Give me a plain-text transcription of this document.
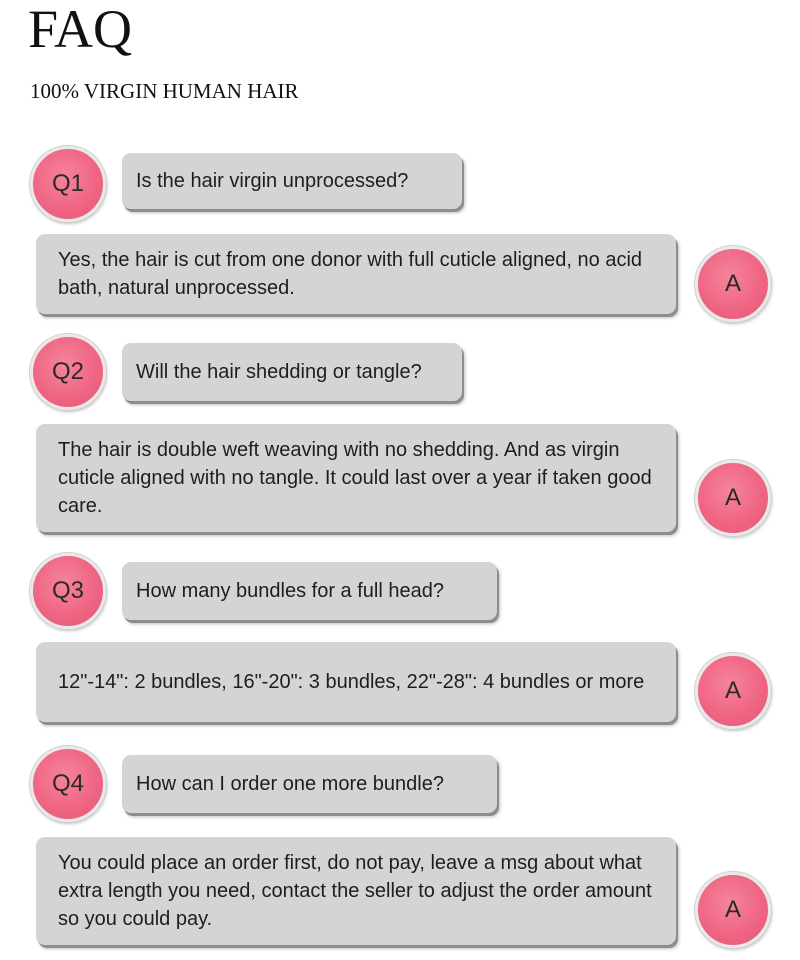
FAQ
100% VIRGIN HUMAN HAIR
Q1	Is the hair virgin unprocessed?
Yes, the hair is cut from one donor with full cuticle aligned, no acid bath, natural unprocessed.	A
Q2	Will the hair shedding or tangle?
The hair is double weft weaving with no shedding. And as virgin cuticle aligned with no tangle. It could last over a year if taken good care.	A
Q3	How many bundles for a full head?
12"-14": 2 bundles, 16"-20": 3 bundles, 22"-28": 4 bundles or more	A
Q4	How can I order one more bundle?
You could place an order first, do not pay, leave a msg about what extra length you need, contact the seller to adjust the order amount so you could pay.	A
